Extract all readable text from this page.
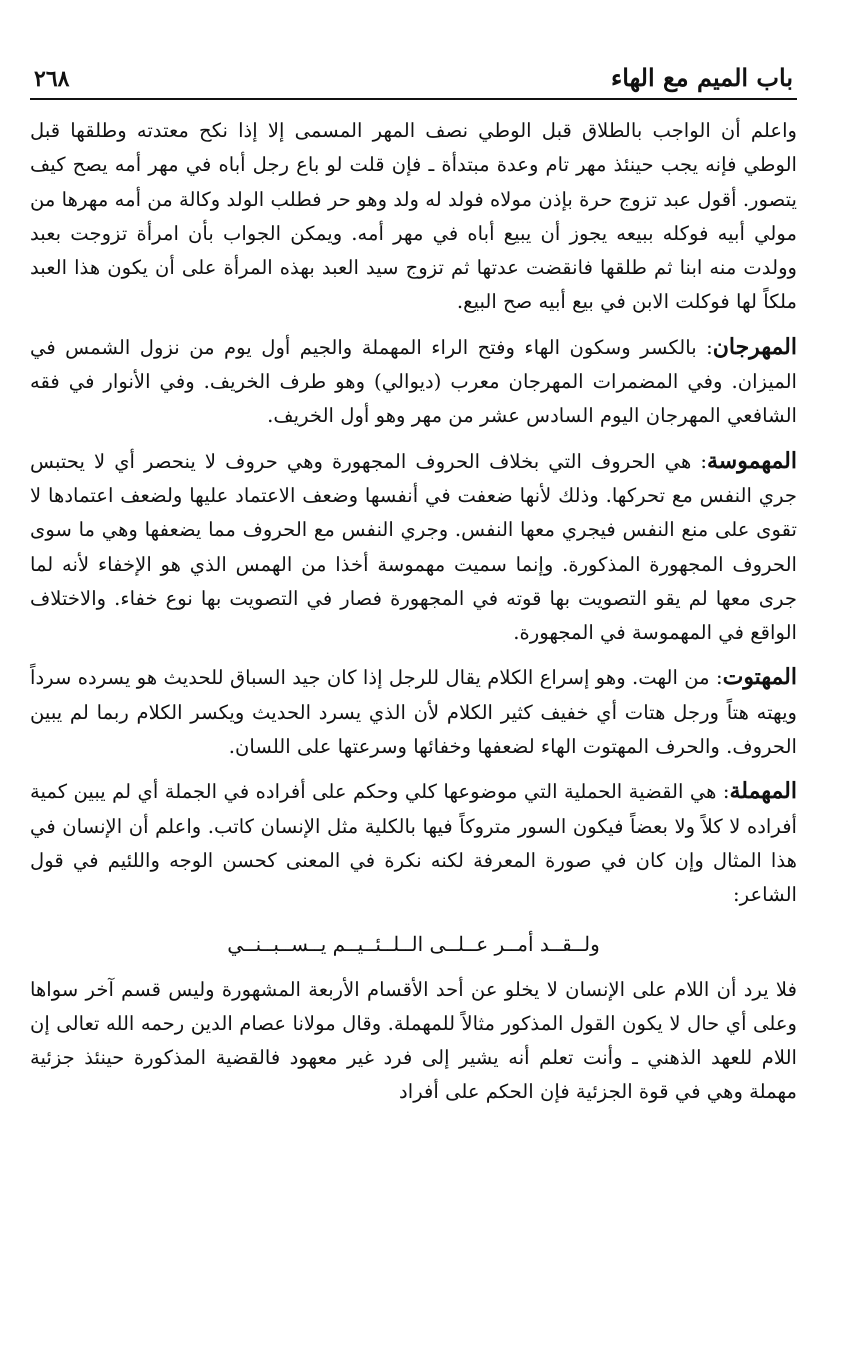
باب الميم مع الهاء
٢٦٨

واعلم أن الواجب بالطلاق قبل الوطي نصف المهر المسمى إلا إذا نكح معتدته وطلقها قبل الوطي فإنه يجب حينئذ مهر تام وعدة مبتدأة ـ فإن قلت لو باع رجل أباه في مهر أمه يصح كيف يتصور. أقول عبد تزوج حرة بإذن مولاه فولد له ولد وهو حر فطلب الولد وكالة من أمه مهرها من مولي أبيه فوكله ببيعه يجوز أن يبيع أباه في مهر أمه. ويمكن الجواب بأن امرأة تزوجت بعبد وولدت منه ابنا ثم طلقها فانقضت عدتها ثم تزوج سيد العبد بهذه المرأة على أن يكون هذا العبد ملكاً لها فوكلت الابن في بيع أبيه صح البيع.

المهرجان: بالكسر وسكون الهاء وفتح الراء المهملة والجيم أول يوم من نزول الشمس في الميزان. وفي المضمرات المهرجان معرب (ديوالي) وهو طرف الخريف. وفي الأنوار في فقه الشافعي المهرجان اليوم السادس عشر من مهر وهو أول الخريف.

المهموسة: هي الحروف التي بخلاف الحروف المجهورة وهي حروف لا ينحصر أي لا يحتبس جري النفس مع تحركها. وذلك لأنها ضعفت في أنفسها وضعف الاعتماد عليها ولضعف اعتمادها لا تقوى على منع النفس فيجري معها النفس. وجري النفس مع الحروف مما يضعفها وهي ما سوى الحروف المجهورة المذكورة. وإنما سميت مهموسة أخذا من الهمس الذي هو الإخفاء لأنه لما جرى معها لم يقو التصويت بها قوته في المجهورة فصار في التصويت بها نوع خفاء. والاختلاف الواقع في المهموسة في المجهورة.

المهتوت: من الهت. وهو إسراع الكلام يقال للرجل إذا كان جيد السباق للحديث هو يسرده سرداً ويهته هتاً ورجل هتات أي خفيف كثير الكلام لأن الذي يسرد الحديث ويكسر الكلام ربما لم يبين الحروف. والحرف المهتوت الهاء لضعفها وخفائها وسرعتها على اللسان.

المهملة: هي القضية الحملية التي موضوعها كلي وحكم على أفراده في الجملة أي لم يبين كمية أفراده لا كلاً ولا بعضاً فيكون السور متروكاً فيها بالكلية مثل الإنسان كاتب. واعلم أن الإنسان في هذا المثال وإن كان في صورة المعرفة لكنه نكرة في المعنى كحسن الوجه واللئيم في قول الشاعر:

ولــقــد أمــر عــلــى الــلــئــيــم يــســبــنــي

فلا يرد أن اللام على الإنسان لا يخلو عن أحد الأقسام الأربعة المشهورة وليس قسم آخر سواها وعلى أي حال لا يكون القول المذكور مثالاً للمهملة. وقال مولانا عصام الدين رحمه الله تعالى إن اللام للعهد الذهني ـ وأنت تعلم أنه يشير إلى فرد غير معهود فالقضية المذكورة حينئذ جزئية مهملة وهي في قوة الجزئية فإن الحكم على أفراد
